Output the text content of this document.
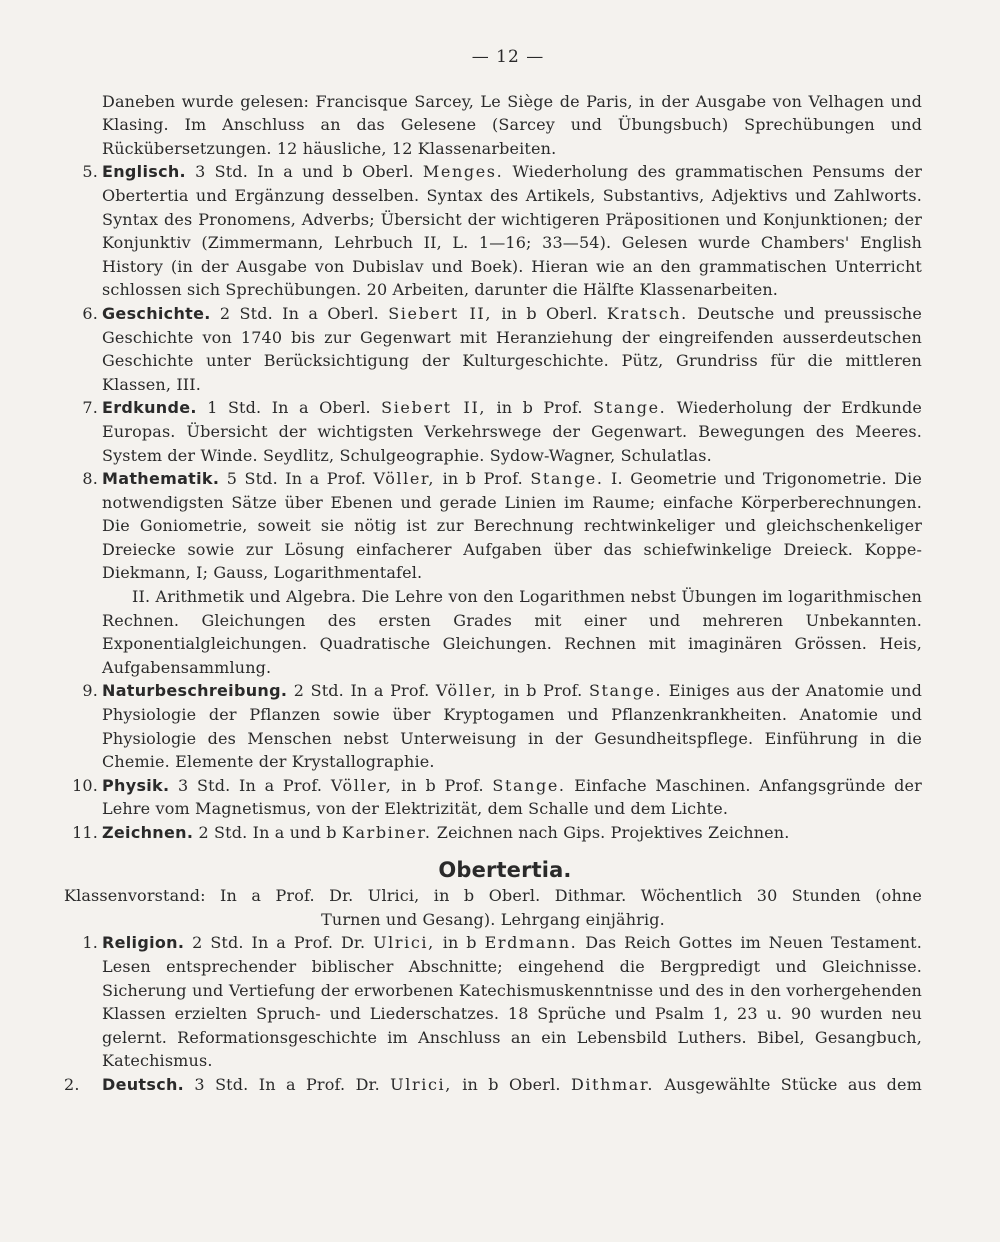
— 12 —

Daneben wurde gelesen: Francisque Sarcey, Le Siège de Paris, in der Ausgabe von Velhagen und Klasing. Im Anschluss an das Gelesene (Sarcey und Übungsbuch) Sprechübungen und Rückübersetzungen. 12 häusliche, 12 Klassenarbeiten.

5. Englisch. 3 Std. In a und b Oberl. Menges. Wiederholung des grammatischen Pensums der Obertertia und Ergänzung desselben. Syntax des Artikels, Substantivs, Adjektivs und Zahlworts. Syntax des Pronomens, Adverbs; Übersicht der wichtigeren Präpositionen und Konjunktionen; der Konjunktiv (Zimmermann, Lehrbuch II, L. 1—16; 33—54). Gelesen wurde Chambers' English History (in der Ausgabe von Dubislav und Boek). Hieran wie an den grammatischen Unterricht schlossen sich Sprechübungen. 20 Arbeiten, darunter die Hälfte Klassenarbeiten.

6. Geschichte. 2 Std. In a Oberl. Siebert II, in b Oberl. Kratsch. Deutsche und preussische Geschichte von 1740 bis zur Gegenwart mit Heranziehung der eingreifenden ausserdeutschen Geschichte unter Berücksichtigung der Kulturgeschichte. Pütz, Grundriss für die mittleren Klassen, III.

7. Erdkunde. 1 Std. In a Oberl. Siebert II, in b Prof. Stange. Wiederholung der Erdkunde Europas. Übersicht der wichtigsten Verkehrswege der Gegenwart. Bewegungen des Meeres. System der Winde. Seydlitz, Schulgeographie. Sydow-Wagner, Schulatlas.

8. Mathematik. 5 Std. In a Prof. Völler, in b Prof. Stange. I. Geometrie und Trigonometrie. Die notwendigsten Sätze über Ebenen und gerade Linien im Raume; einfache Körperberechnungen. Die Goniometrie, soweit sie nötig ist zur Berechnung rechtwinkeliger und gleichschenkeliger Dreiecke sowie zur Lösung einfacherer Aufgaben über das schiefwinkelige Dreieck. Koppe-Diekmann, I; Gauss, Logarithmentafel.

II. Arithmetik und Algebra. Die Lehre von den Logarithmen nebst Übungen im logarithmischen Rechnen. Gleichungen des ersten Grades mit einer und mehreren Unbekannten. Exponentialgleichungen. Quadratische Gleichungen. Rechnen mit imaginären Grössen. Heis, Aufgabensammlung.

9. Naturbeschreibung. 2 Std. In a Prof. Völler, in b Prof. Stange. Einiges aus der Anatomie und Physiologie der Pflanzen sowie über Kryptogamen und Pflanzenkrankheiten. Anatomie und Physiologie des Menschen nebst Unterweisung in der Gesundheitspflege. Einführung in die Chemie. Elemente der Krystallographie.

10. Physik. 3 Std. In a Prof. Völler, in b Prof. Stange. Einfache Maschinen. Anfangsgründe der Lehre vom Magnetismus, von der Elektrizität, dem Schalle und dem Lichte.

11. Zeichnen. 2 Std. In a und b Karbiner. Zeichnen nach Gips. Projektives Zeichnen.

Obertertia.

Klassenvorstand: In a Prof. Dr. Ulrici, in b Oberl. Dithmar. Wöchentlich 30 Stunden (ohne

Turnen und Gesang). Lehrgang einjährig.

1. Religion. 2 Std. In a Prof. Dr. Ulrici, in b Erdmann. Das Reich Gottes im Neuen Testament. Lesen entsprechender biblischer Abschnitte; eingehend die Bergpredigt und Gleichnisse. Sicherung und Vertiefung der erworbenen Katechismuskenntnisse und des in den vorhergehenden Klassen erzielten Spruch- und Liederschatzes. 18 Sprüche und Psalm 1, 23 u. 90 wurden neu gelernt. Reformationsgeschichte im Anschluss an ein Lebensbild Luthers. Bibel, Gesangbuch, Katechismus.

2.	Deutsch. 3 Std. In a Prof. Dr. Ulrici, in b Oberl. Dithmar. Ausgewählte Stücke aus dem
